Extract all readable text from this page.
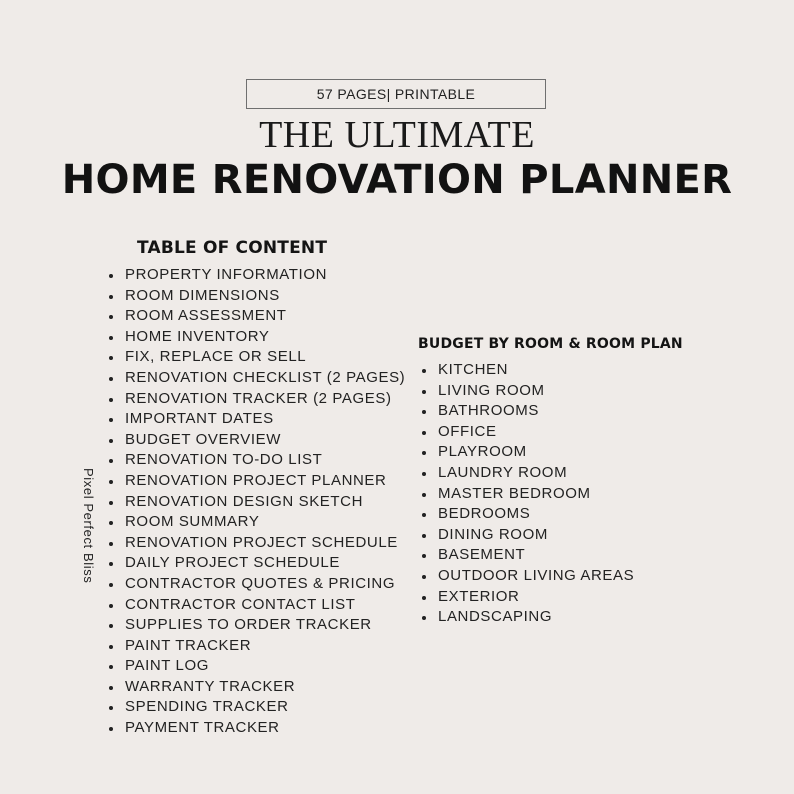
57 PAGES| PRINTABLE
THE ULTIMATE
HOME RENOVATION PLANNER
TABLE OF CONTENT
PROPERTY INFORMATION
ROOM DIMENSIONS
ROOM ASSESSMENT
HOME INVENTORY
FIX, REPLACE OR SELL
RENOVATION CHECKLIST (2 PAGES)
RENOVATION TRACKER (2 PAGES)
IMPORTANT DATES
BUDGET OVERVIEW
RENOVATION TO-DO LIST
RENOVATION PROJECT PLANNER
RENOVATION DESIGN SKETCH
ROOM SUMMARY
RENOVATION PROJECT SCHEDULE
DAILY PROJECT SCHEDULE
CONTRACTOR QUOTES & PRICING
CONTRACTOR CONTACT LIST
SUPPLIES TO ORDER TRACKER
PAINT TRACKER
PAINT LOG
WARRANTY TRACKER
SPENDING TRACKER
PAYMENT TRACKER
BUDGET BY ROOM & ROOM PLAN
KITCHEN
LIVING ROOM
BATHROOMS
OFFICE
PLAYROOM
LAUNDRY ROOM
MASTER BEDROOM
BEDROOMS
DINING ROOM
BASEMENT
OUTDOOR LIVING AREAS
EXTERIOR
LANDSCAPING
Pixel Perfect Bliss
